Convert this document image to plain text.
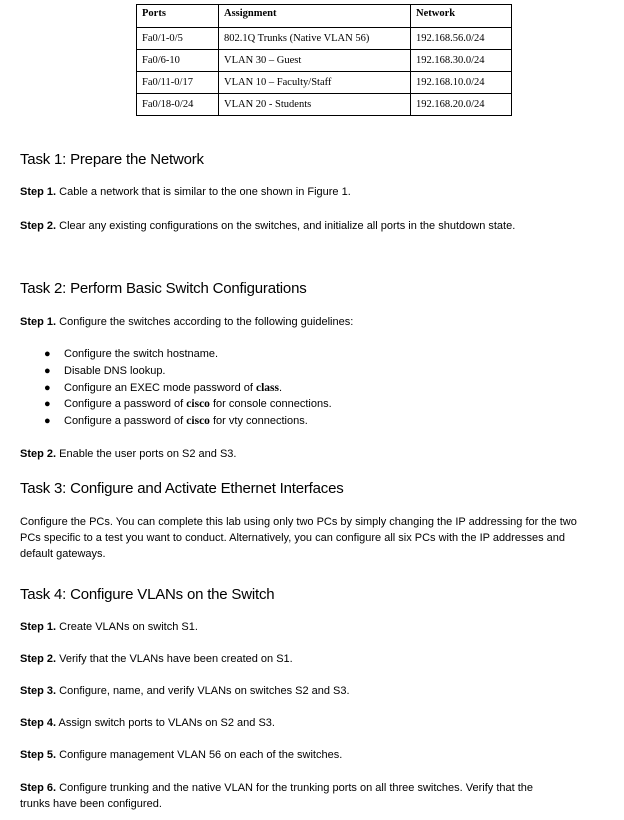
Ports	Assignment	Network
Fa0/1-0/5	802.1Q Trunks (Native VLAN 56)	192.168.56.0/24
Fa0/6-10	VLAN 30 – Guest	192.168.30.0/24
Fa0/11-0/17	VLAN 10 – Faculty/Staff	192.168.10.0/24
Fa0/18-0/24	VLAN 20 - Students	192.168.20.0/24
Task 1: Prepare the Network

Step 1. Cable a network that is similar to the one shown in Figure 1.

Step 2. Clear any existing configurations on the switches, and initialize all ports in the shutdown state.

Task 2: Perform Basic Switch Configurations

Step 1. Configure the switches according to the following guidelines:

● Configure the switch hostname.
● Disable DNS lookup.
● Configure an EXEC mode password of class.
● Configure a password of cisco for console connections.
● Configure a password of cisco for vty connections.

Step 2. Enable the user ports on S2 and S3.

Task 3: Configure and Activate Ethernet Interfaces

Configure the PCs. You can complete this lab using only two PCs by simply changing the IP addressing for the two PCs specific to a test you want to conduct. Alternatively, you can configure all six PCs with the IP addresses and default gateways.

Task 4: Configure VLANs on the Switch

Step 1. Create VLANs on switch S1.

Step 2. Verify that the VLANs have been created on S1.

Step 3. Configure, name, and verify VLANs on switches S2 and S3.

Step 4. Assign switch ports to VLANs on S2 and S3.

Step 5. Configure management VLAN 56 on each of the switches.

Step 6. Configure trunking and the native VLAN for the trunking ports on all three switches. Verify that the trunks have been configured.
